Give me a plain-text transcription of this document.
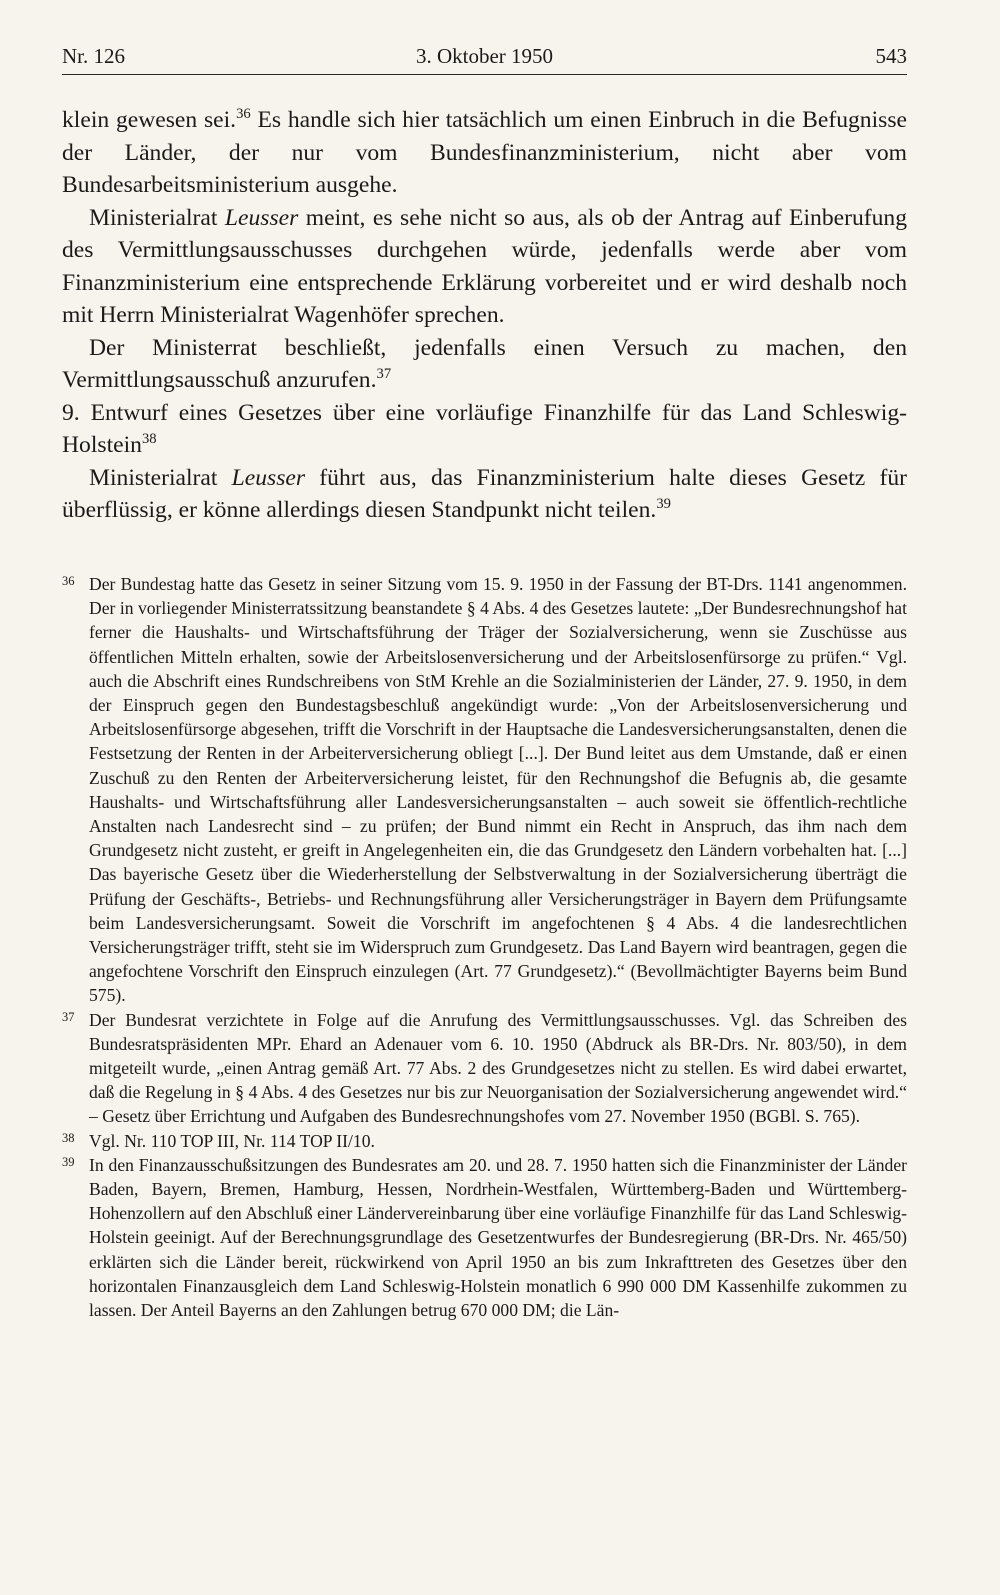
Nr. 126	3. Oktober 1950	543

klein gewesen sei.$^{36}$ Es handle sich hier tatsächlich um einen Einbruch in die Befugnisse der Länder, der nur vom Bundesfinanzministerium, nicht aber vom Bundesarbeitsministerium ausgehe.

Ministerialrat Leusser meint, es sehe nicht so aus, als ob der Antrag auf Einberufung des Vermittlungsausschusses durchgehen würde, jedenfalls werde aber vom Finanzministerium eine entsprechende Erklärung vorbereitet und er wird deshalb noch mit Herrn Ministerialrat Wagenhöfer sprechen.

Der Ministerrat beschließt, jedenfalls einen Versuch zu machen, den Vermittlungsausschuß anzurufen.$^{37}$

9. Entwurf eines Gesetzes über eine vorläufige Finanzhilfe für das Land Schleswig-Holstein$^{38}$

Ministerialrat Leusser führt aus, das Finanzministerium halte dieses Gesetz für überflüssig, er könne allerdings diesen Standpunkt nicht teilen.$^{39}$

36 Der Bundestag hatte das Gesetz in seiner Sitzung vom 15. 9. 1950 in der Fassung der BT-Drs. 1141 angenommen. Der in vorliegender Ministerratssitzung beanstandete § 4 Abs. 4 des Gesetzes lautete: „Der Bundesrechnungshof hat ferner die Haushalts- und Wirtschaftsführung der Träger der Sozialversicherung, wenn sie Zuschüsse aus öffentlichen Mitteln erhalten, sowie der Arbeitslosenversicherung und der Arbeitslosenfürsorge zu prüfen.“ Vgl. auch die Abschrift eines Rundschreibens von StM Krehle an die Sozialministerien der Länder, 27. 9. 1950, in dem der Einspruch gegen den Bundestagsbeschluß angekündigt wurde: „Von der Arbeitslosenversicherung und Arbeitslosenfürsorge abgesehen, trifft die Vorschrift in der Hauptsache die Landesversicherungsanstalten, denen die Festsetzung der Renten in der Arbeiterversicherung obliegt [...]. Der Bund leitet aus dem Umstande, daß er einen Zuschuß zu den Renten der Arbeiterversicherung leistet, für den Rechnungshof die Befugnis ab, die gesamte Haushalts- und Wirtschaftsführung aller Landesversicherungsanstalten – auch soweit sie öffentlich-rechtliche Anstalten nach Landesrecht sind – zu prüfen; der Bund nimmt ein Recht in Anspruch, das ihm nach dem Grundgesetz nicht zusteht, er greift in Angelegenheiten ein, die das Grundgesetz den Ländern vorbehalten hat. [...] Das bayerische Gesetz über die Wiederherstellung der Selbstverwaltung in der Sozialversicherung überträgt die Prüfung der Geschäfts-, Betriebs- und Rechnungsführung aller Versicherungsträger in Bayern dem Prüfungsamte beim Landesversicherungsamt. Soweit die Vorschrift im angefochtenen § 4 Abs. 4 die landesrechtlichen Versicherungsträger trifft, steht sie im Widerspruch zum Grundgesetz. Das Land Bayern wird beantragen, gegen die angefochtene Vorschrift den Einspruch einzulegen (Art. 77 Grundgesetz).“ (Bevollmächtigter Bayerns beim Bund 575).

37 Der Bundesrat verzichtete in Folge auf die Anrufung des Vermittlungsausschusses. Vgl. das Schreiben des Bundesratspräsidenten MPr. Ehard an Adenauer vom 6. 10. 1950 (Abdruck als BR-Drs. Nr. 803/50), in dem mitgeteilt wurde, „einen Antrag gemäß Art. 77 Abs. 2 des Grundgesetzes nicht zu stellen. Es wird dabei erwartet, daß die Regelung in § 4 Abs. 4 des Gesetzes nur bis zur Neuorganisation der Sozialversicherung angewendet wird.“ – Gesetz über Errichtung und Aufgaben des Bundesrechnungshofes vom 27. November 1950 (BGBl. S. 765).

38 Vgl. Nr. 110 TOP III, Nr. 114 TOP II/10.

39 In den Finanzausschußsitzungen des Bundesrates am 20. und 28. 7. 1950 hatten sich die Finanzminister der Länder Baden, Bayern, Bremen, Hamburg, Hessen, Nordrhein-Westfalen, Württemberg-Baden und Württemberg-Hohenzollern auf den Abschluß einer Ländervereinbarung über eine vorläufige Finanzhilfe für das Land Schleswig-Holstein geeinigt. Auf der Berechnungsgrundlage des Gesetzentwurfes der Bundesregierung (BR-Drs. Nr. 465/50) erklärten sich die Länder bereit, rückwirkend von April 1950 an bis zum Inkrafttreten des Gesetzes über den horizontalen Finanzausgleich dem Land Schleswig-Holstein monatlich 6 990 000 DM Kassenhilfe zukommen zu lassen. Der Anteil Bayerns an den Zahlungen betrug 670 000 DM; die Län-
